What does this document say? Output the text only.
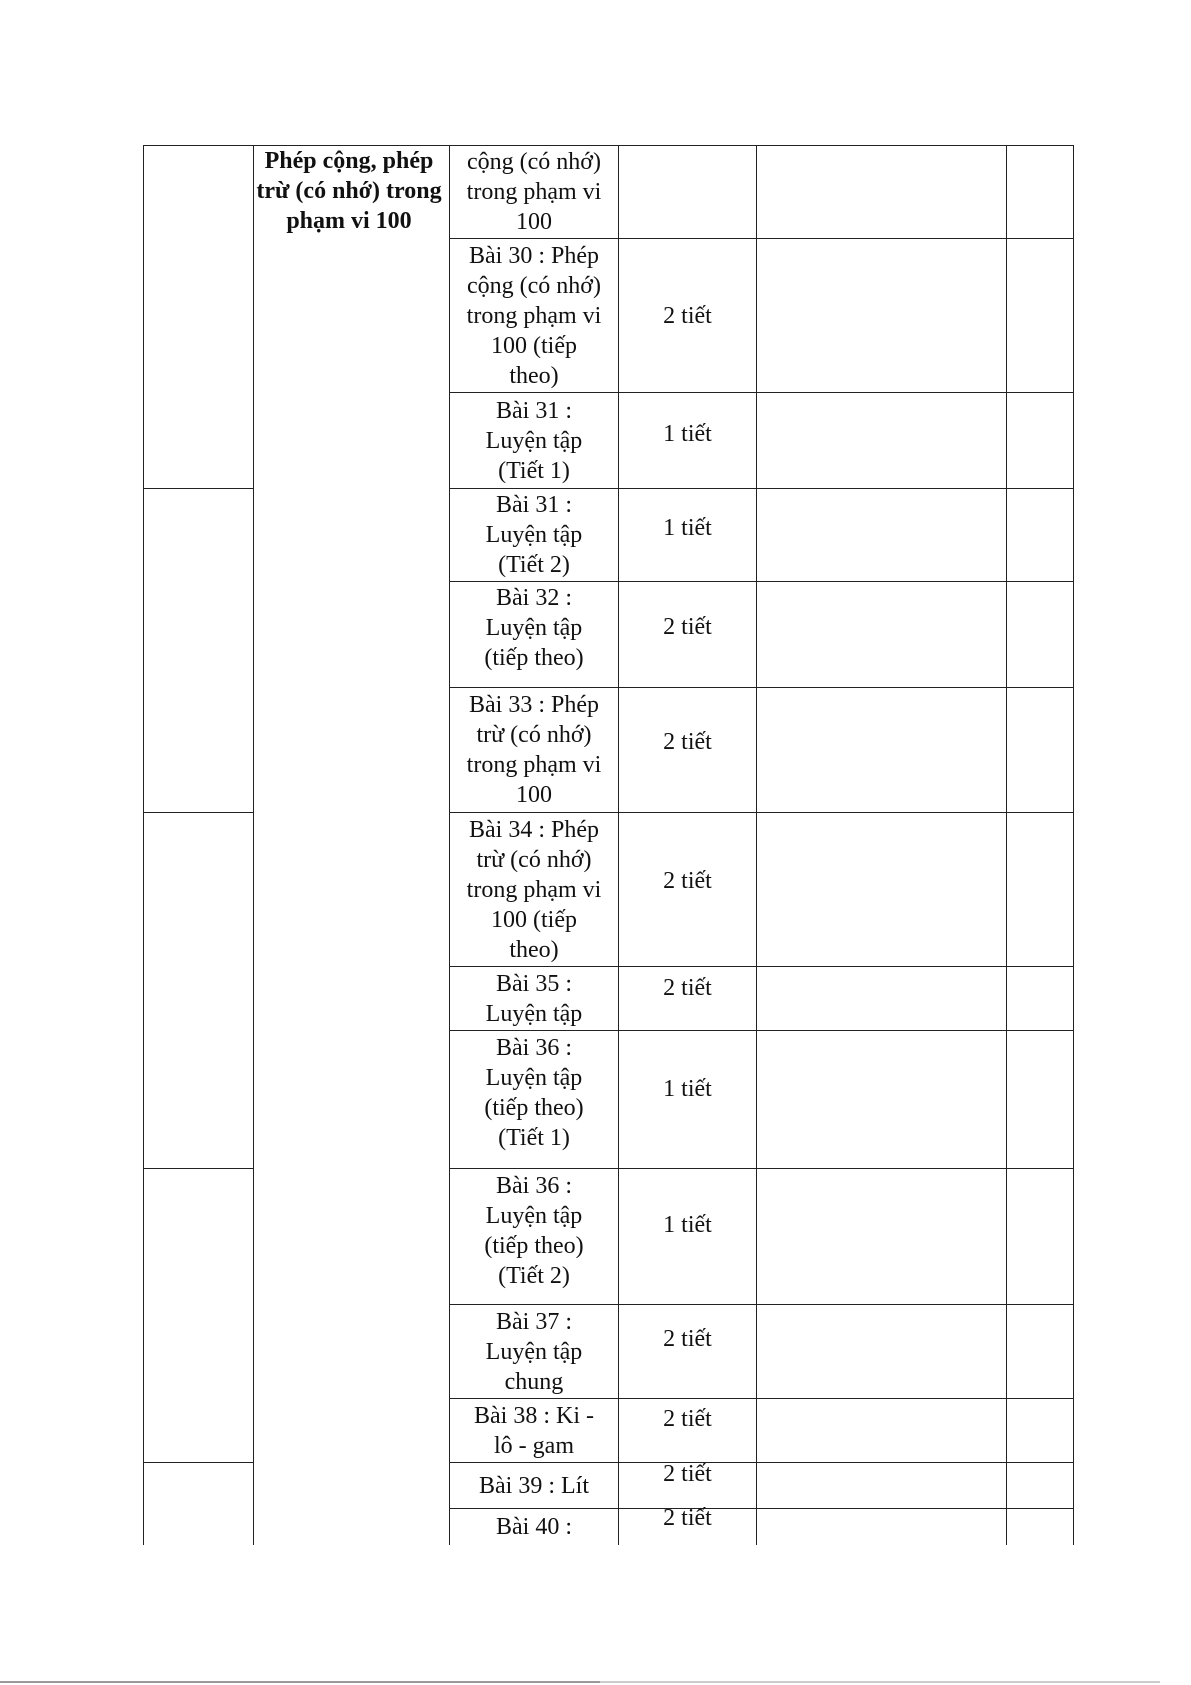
Phép cộng, phép trừ (có nhớ) trong phạm vi 100
cộng (có nhớ)
trong phạm vi
100
Bài 30 : Phép
cộng (có nhớ)
trong phạm vi
100 (tiếp
theo)
2 tiết
Bài 31 :
Luyện tập
(Tiết 1)
1 tiết
Bài 31 :
Luyện tập
(Tiết 2)
1 tiết
Bài 32 :
Luyện tập
(tiếp theo)
2 tiết
Bài 33 : Phép
trừ (có nhớ)
trong phạm vi
100
2 tiết
Bài 34 : Phép
trừ (có nhớ)
trong phạm vi
100 (tiếp
theo)
2 tiết
Bài 35 :
Luyện tập
2 tiết
Bài 36 :
Luyện tập
(tiếp theo)
(Tiết 1)
1 tiết
Bài 36 :
Luyện tập
(tiếp theo)
(Tiết 2)
1 tiết
Bài 37 :
Luyện tập
chung
2 tiết
Bài 38 : Ki -
lô - gam
2 tiết
Bài 39 : Lít	2 tiết
Bài 40 :	2 tiết
